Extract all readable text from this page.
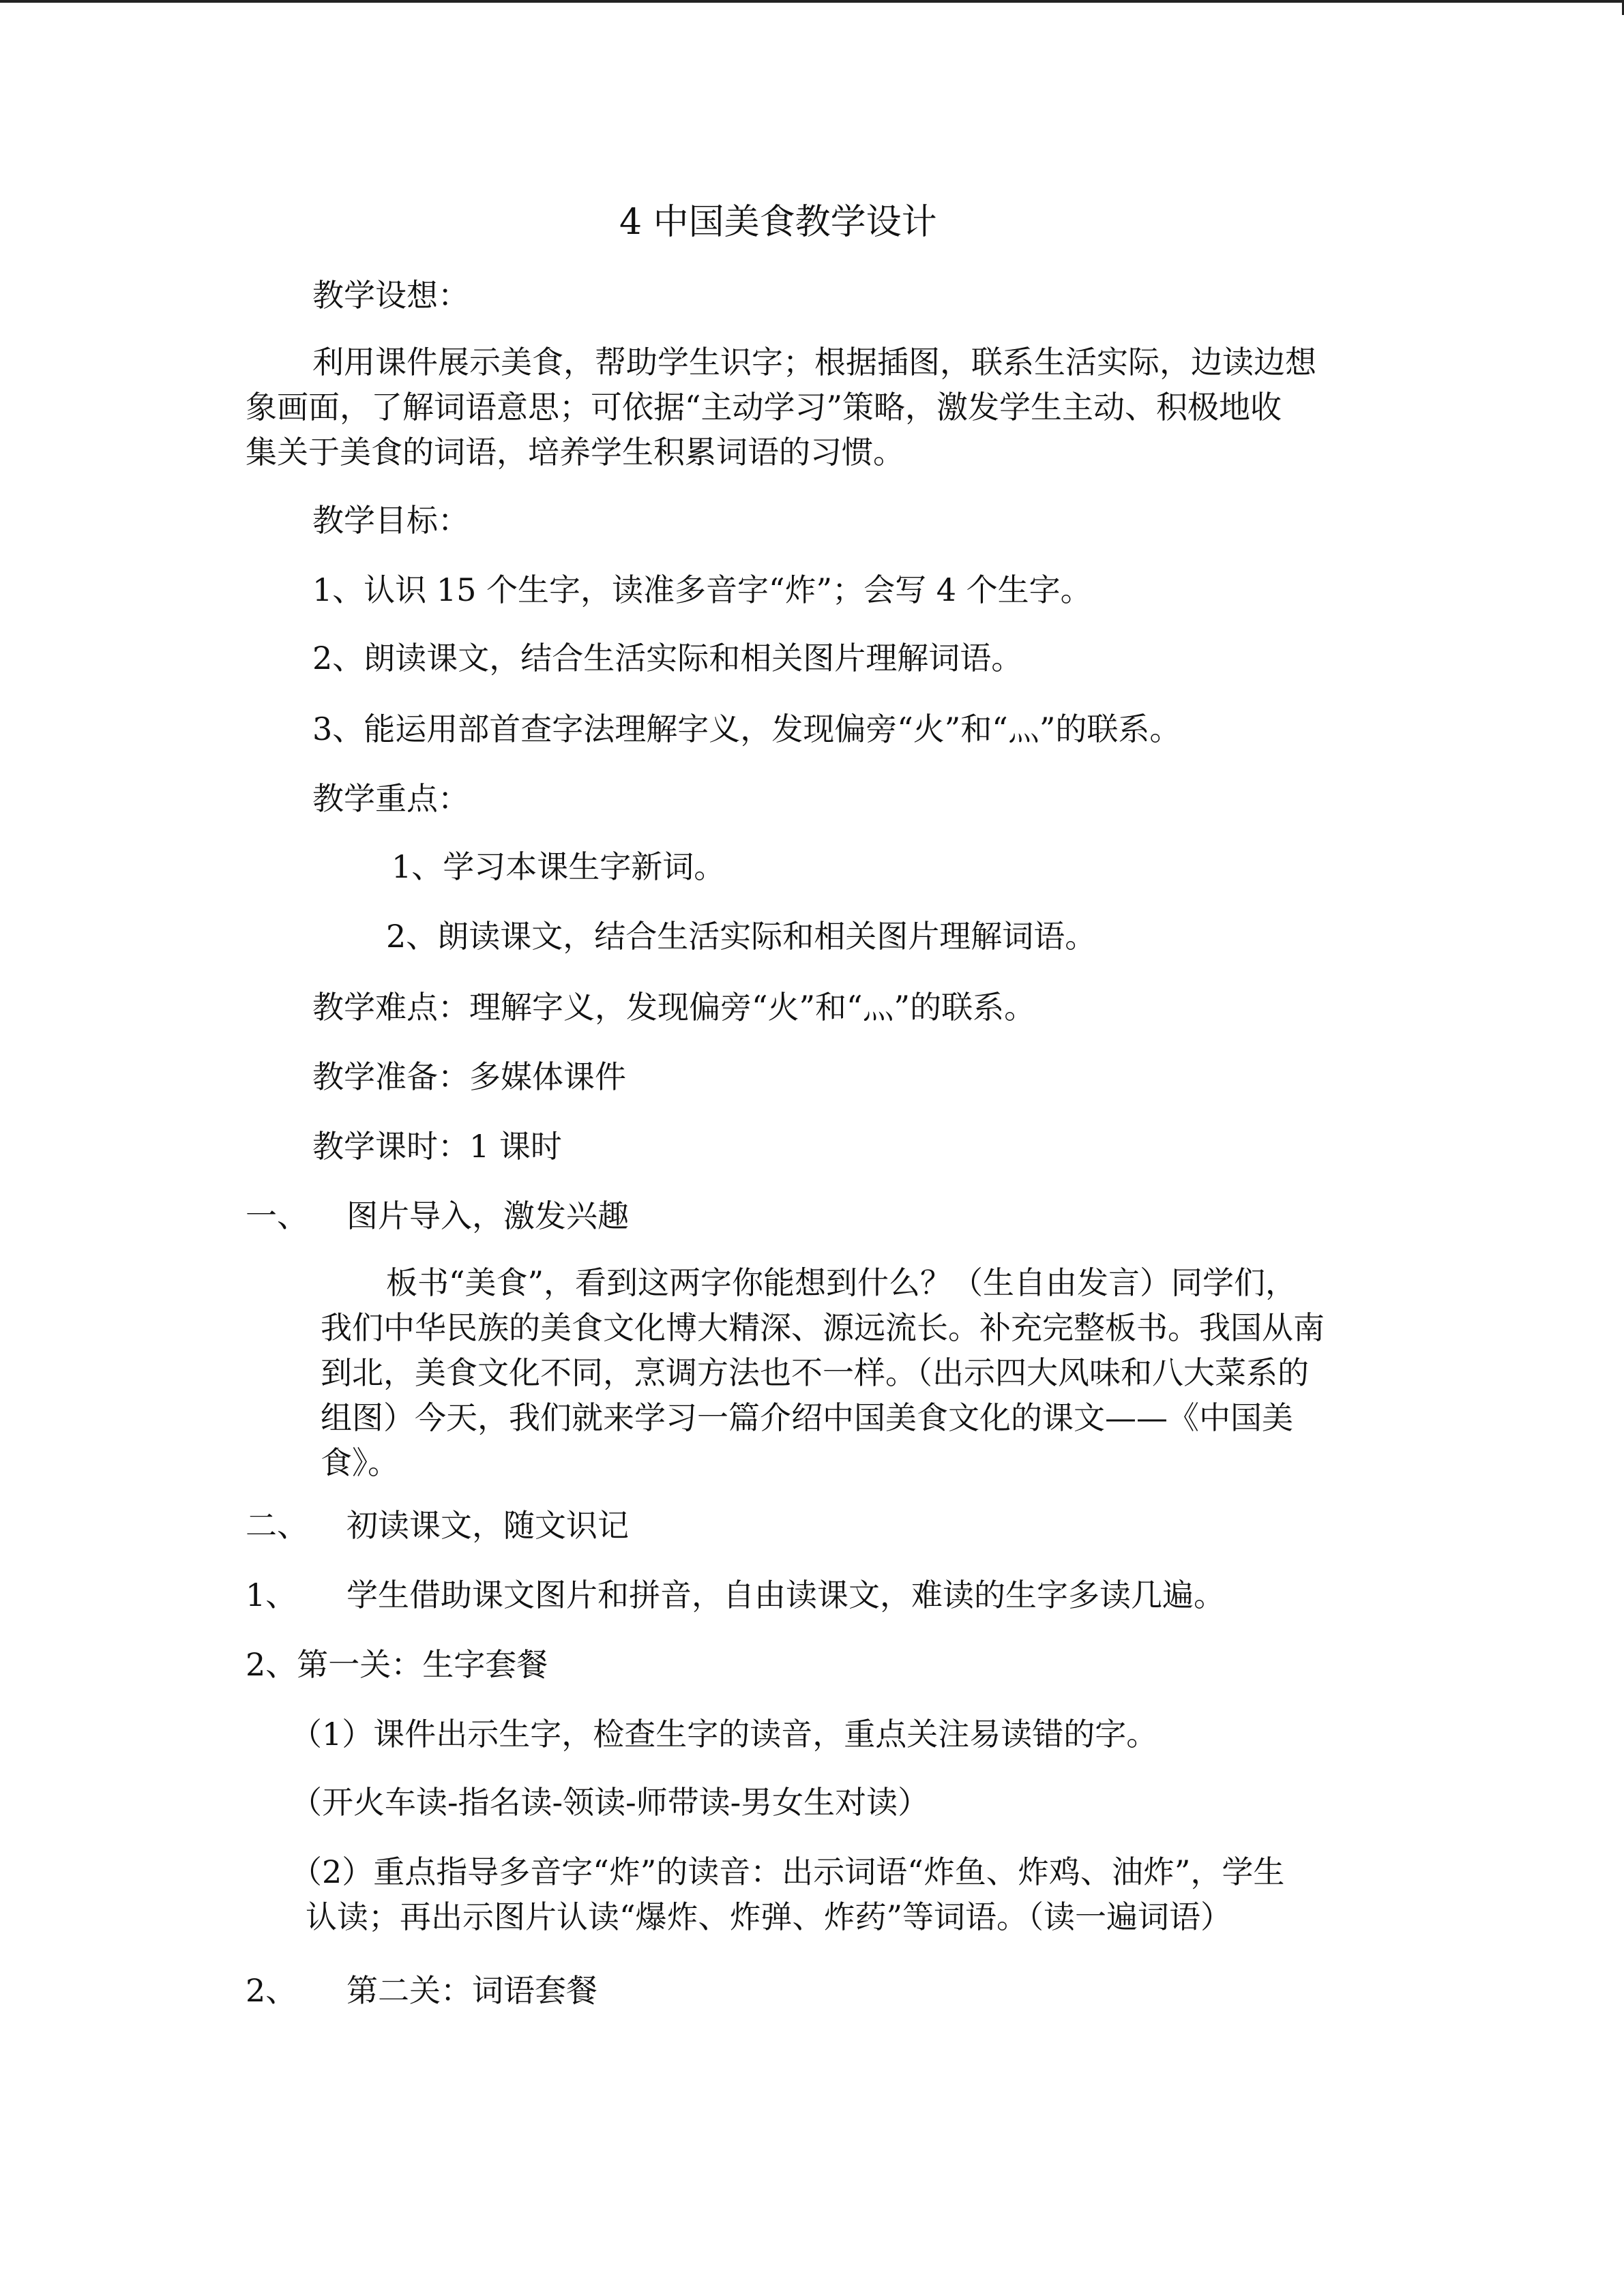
4 中国美食教学设计
教学设想：
利用课件展示美食，帮助学生识字；根据插图，联系生活实际，边读边想
象画面，了解词语意思；可依据“主动学习”策略，激发学生主动、积极地收
集关于美食的词语，培养学生积累词语的习惯。
教学目标：
1、认识 15 个生字，读准多音字“炸”；会写 4 个生字。
2、朗读课文，结合生活实际和相关图片理解词语。
3、能运用部首查字法理解字义，发现偏旁“火”和“灬”的联系。
教学重点：
1、学习本课生字新词。
2、朗读课文，结合生活实际和相关图片理解词语。
教学难点：理解字义，发现偏旁“火”和“灬”的联系。
教学准备：多媒体课件
教学课时：1 课时
一、 图片导入，激发兴趣
板书“美食”，看到这两字你能想到什么？（生自由发言）同学们，
我们中华民族的美食文化博大精深、源远流长。补充完整板书。我国从南
到北，美食文化不同，烹调方法也不一样。（出示四大风味和八大菜系的
组图）今天，我们就来学习一篇介绍中国美食文化的课文——《中国美
食》。
二、 初读课文，随文识记
1、 学生借助课文图片和拼音，自由读课文，难读的生字多读几遍。
2、第一关：生字套餐
（1）课件出示生字，检查生字的读音，重点关注易读错的字。
（开火车读-指名读-领读-师带读-男女生对读）
（2）重点指导多音字“炸”的读音：出示词语“炸鱼、炸鸡、油炸”，学生
认读；再出示图片认读“爆炸、炸弹、炸药”等词语。（读一遍词语）
2、 第二关：词语套餐
